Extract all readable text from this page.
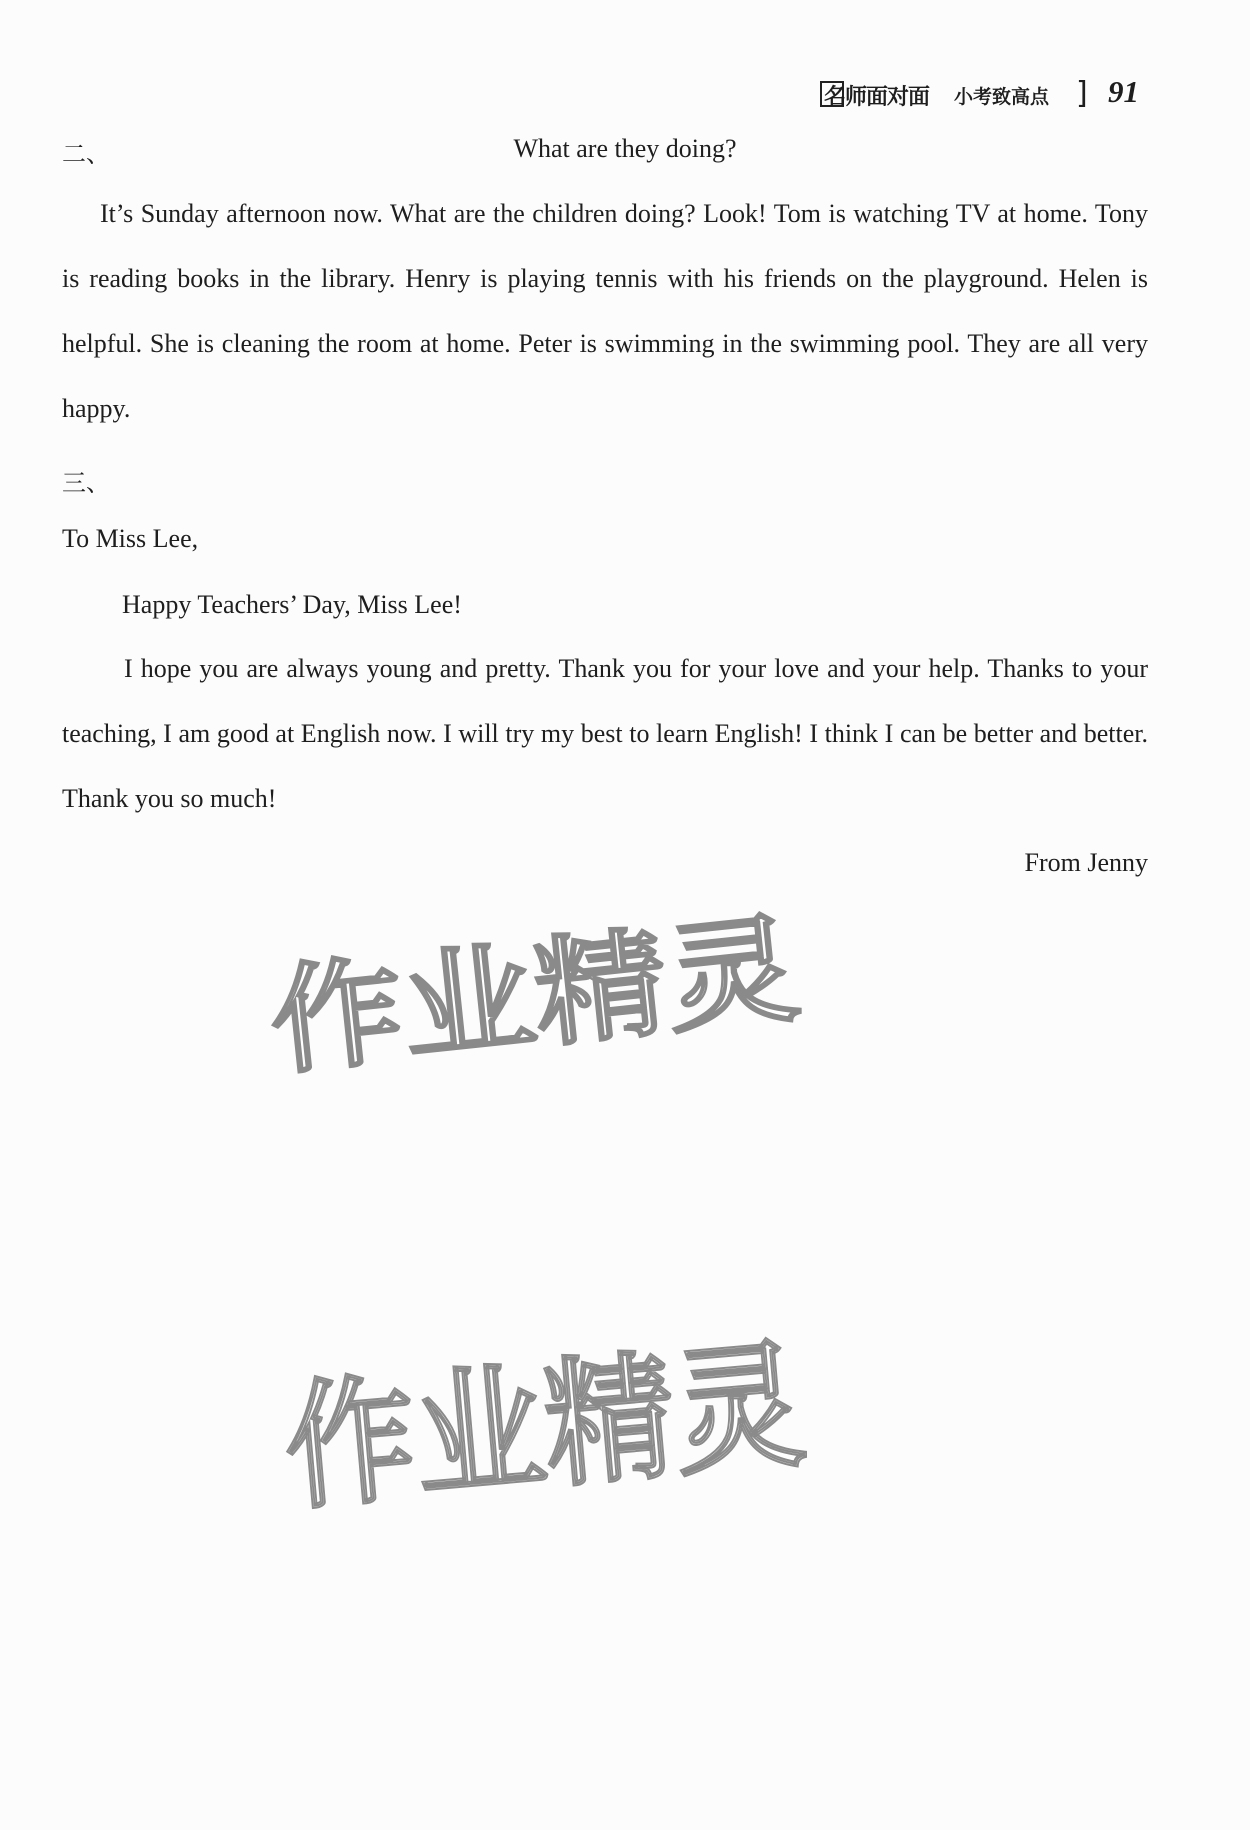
名师面对面 小考致高点 ] 91
二、	What are they doing?

It’s Sunday afternoon now. What are the children doing? Look! Tom is watching TV at home. Tony is reading books in the library. Henry is playing tennis with his friends on the playground. Helen is helpful. She is cleaning the room at home. Peter is swimming in the swimming pool. They are all very happy.

三、
To Miss Lee,
Happy Teachers’ Day, Miss Lee!

I hope you are always young and pretty. Thank you for your love and your help. Thanks to your teaching, I am good at English now. I will try my best to learn English! I think I can be better and better. Thank you so much!

From Jenny
作业精灵
作业精灵
